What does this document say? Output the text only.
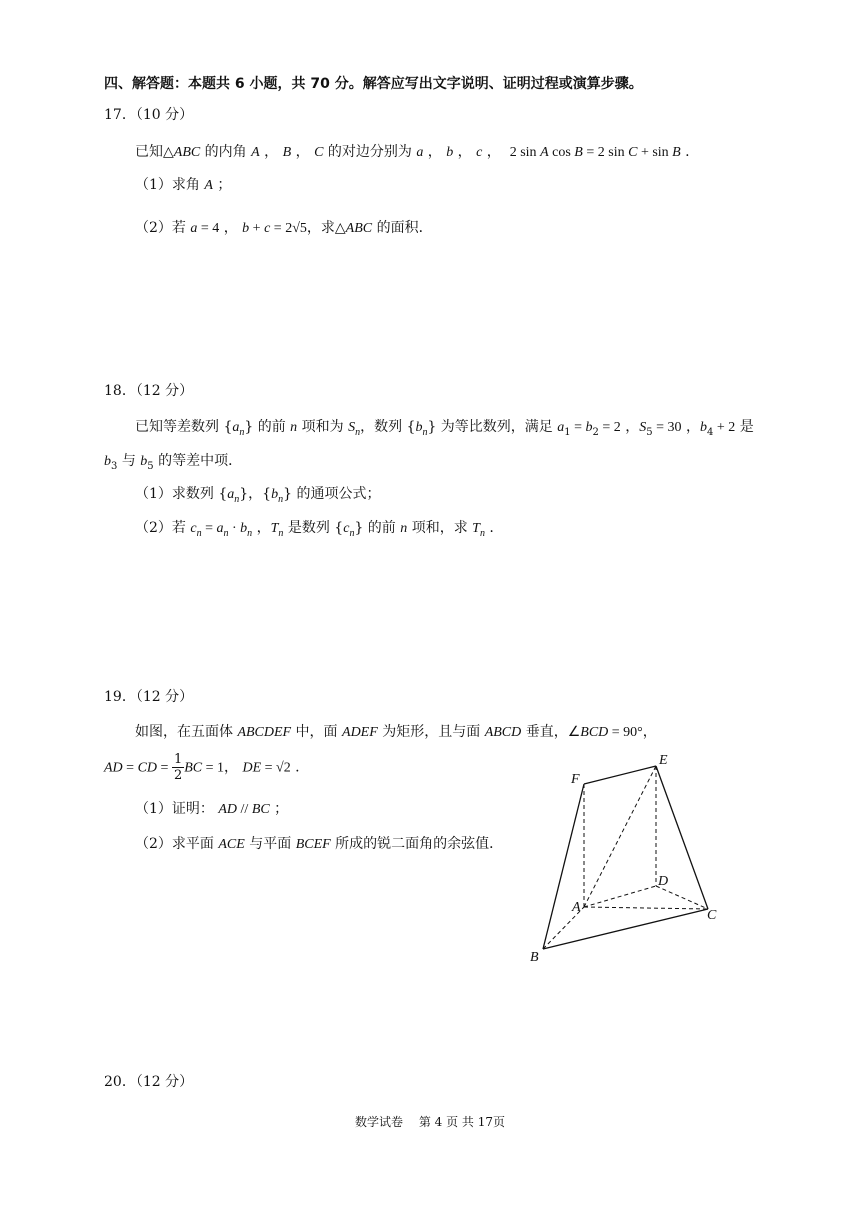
四、解答题：本题共 6 小题，共 70 分。解答应写出文字说明、证明过程或演算步骤。
17．（10 分）
已知△ABC 的内角 A ， B ， C 的对边分别为 a ， b ， c ，  2 sin A cos B = 2 sin C + sin B .
（1）求角 A ；
（2）若 a = 4 ， b + c = 2√5，求△ABC 的面积．
18．（12 分）
已知等差数列 $\{a_n\}$ 的前 n 项和为 $S_n$，数列 $\{b_n\}$ 为等比数列，满足 $a_1 = b_2 = 2$ ，$S_5 = 30$ ，$b_4 + 2$ 是
$b_3$ 与 $b_5$ 的等差中项．
（1）求数列 $\{a_n\}$，$\{b_n\}$ 的通项公式；
（2）若 $c_n = a_n \cdot b_n$ ，$T_n$ 是数列 $\{c_n\}$ 的前 n 项和，求 $T_n$ .
19．（12 分）
如图，在五面体 ABCDEF 中，面 ADEF 为矩形，且与面 ABCD 垂直，∠BCD = 90°，
AD = CD = $\frac{1}{2}$ BC = 1， DE = √2 .
（1）证明： AD // BC ；
（2）求平面 ACE 与平面 BCEF 所成的锐二面角的余弦值．
F
E
D
A
C
B
20．（12 分）
数学试卷　 第 4 页 共 17页
